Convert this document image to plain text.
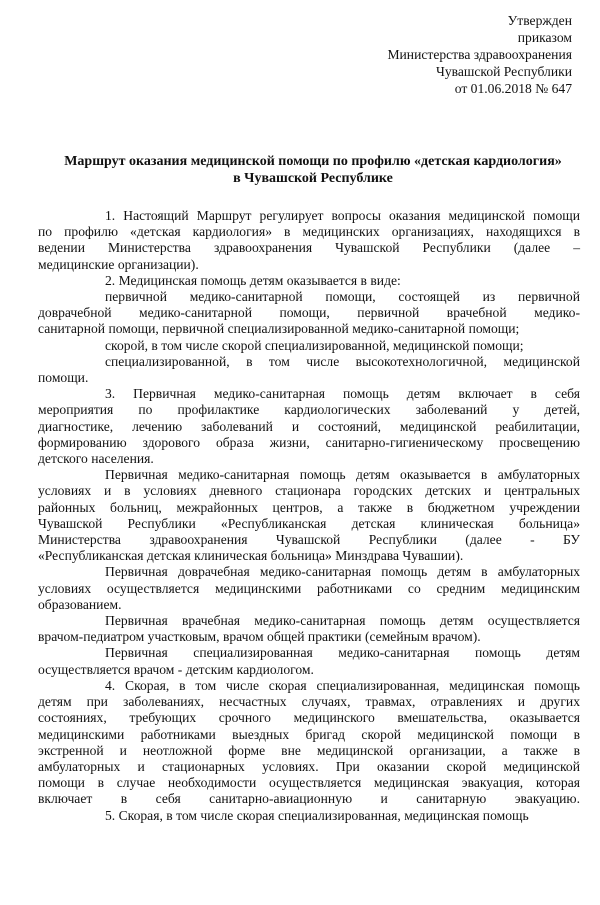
Утвержден
приказом
Министерства здравоохранения
Чувашской Республики
от 01.06.2018 № 647
Маршрут оказания медицинской помощи по профилю «детская кардиология»
в Чувашской Республике
1. Настоящий Маршрут регулирует вопросы оказания медицинской помощи
по профилю «детская кардиология» в медицинских организациях, находящихся в
ведении Министерства здравоохранения Чувашской Республики (далее –
медицинские организации).
2. Медицинская помощь детям оказывается в виде:
первичной медико-санитарной помощи, состоящей из первичной
доврачебной медико-санитарной помощи, первичной врачебной медико-
санитарной помощи, первичной специализированной медико-санитарной помощи;
скорой, в том числе скорой специализированной, медицинской помощи;
специализированной, в том числе высокотехнологичной, медицинской
помощи.
3. Первичная медико-санитарная помощь детям включает в себя
мероприятия по профилактике кардиологических заболеваний у детей,
диагностике, лечению заболеваний и состояний, медицинской реабилитации,
формированию здорового образа жизни, санитарно-гигиеническому просвещению
детского населения.
Первичная медико-санитарная помощь детям оказывается в амбулаторных
условиях и в условиях дневного стационара городских детских и центральных
районных больниц, межрайонных центров, а также в бюджетном учреждении
Чувашской Республики «Республиканская детская клиническая больница»
Министерства здравоохранения Чувашской Республики (далее - БУ
«Республиканская детская клиническая больница» Минздрава Чувашии).
Первичная доврачебная медико-санитарная помощь детям в амбулаторных
условиях осуществляется медицинскими работниками со средним медицинским
образованием.
Первичная врачебная медико-санитарная помощь детям осуществляется
врачом-педиатром участковым, врачом общей практики (семейным врачом).
Первичная специализированная медико-санитарная помощь детям
осуществляется врачом - детским кардиологом.
4. Скорая, в том числе скорая специализированная, медицинская помощь
детям при заболеваниях, несчастных случаях, травмах, отравлениях и других
состояниях, требующих срочного медицинского вмешательства, оказывается
медицинскими работниками выездных бригад скорой медицинской помощи в
экстренной и неотложной форме вне медицинской организации, а также в
амбулаторных и стационарных условиях. При оказании скорой медицинской
помощи в случае необходимости осуществляется медицинская эвакуация, которая
включает в себя санитарно-авиационную и санитарную эвакуацию.
5. Скорая, в том числе скорая специализированная, медицинская помощь
